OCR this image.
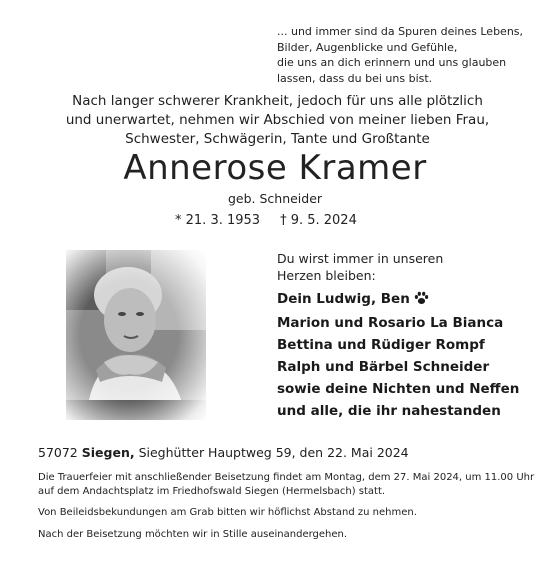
... und immer sind da Spuren deines Lebens,
Bilder, Augenblicke und Gefühle,
die uns an dich erinnern und uns glauben
lassen, dass du bei uns bist.
Nach langer schwerer Krankheit, jedoch für uns alle plötzlich
und unerwartet, nehmen wir Abschied von meiner lieben Frau,
Schwester, Schwägerin, Tante und Großtante
Annerose Kramer
geb. Schneider
* 21. 3. 1953 † 9. 5. 2024
Du wirst immer in unseren
Herzen bleiben:
Dein Ludwig, Ben
Marion und Rosario La Bianca
Bettina und Rüdiger Rompf
Ralph und Bärbel Schneider
sowie deine Nichten und Neffen
und alle, die ihr nahestanden
57072 Siegen, Sieghütter Hauptweg 59, den 22. Mai 2024
Die Trauerfeier mit anschließender Beisetzung findet am Montag, dem 27. Mai 2024, um 11.00 Uhr
auf dem Andachtsplatz im Friedhofswald Siegen (Hermelsbach) statt.
Von Beileidsbekundungen am Grab bitten wir höflichst Abstand zu nehmen.
Nach der Beisetzung möchten wir in Stille auseinandergehen.
